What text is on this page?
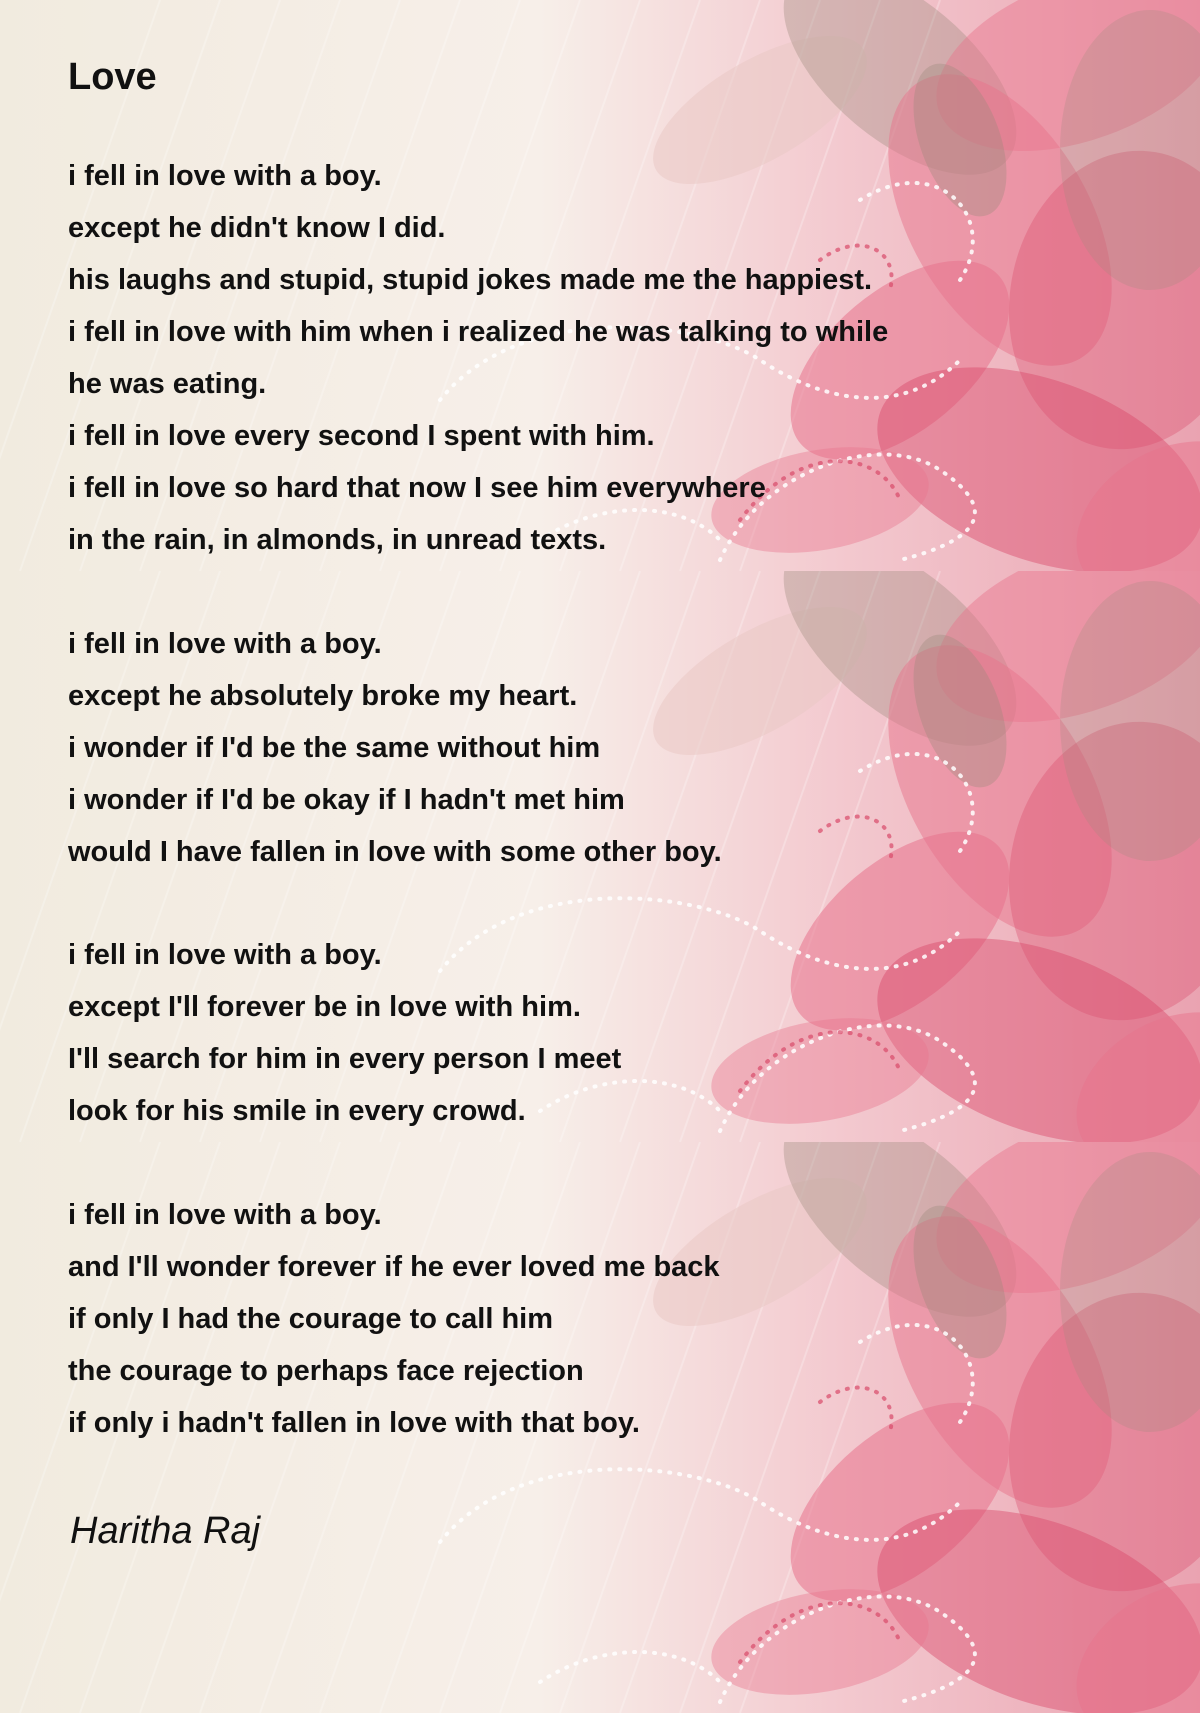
Love
i fell in love with a boy.
except he didn't know I did.
his laughs and stupid, stupid jokes made me the happiest.
i fell in love with him when i realized he was talking to while
he was eating.
i fell in love every second I spent with him.
i fell in love so hard that now I see him everywhere
in the rain, in almonds, in unread texts.
i fell in love with a boy.
except he absolutely broke my heart.
i wonder if I'd be the same without him
i wonder if I'd be okay if I hadn't met him
would I have fallen in love with some other boy.
i fell in love with a boy.
except I'll forever be in love with him.
I'll search for him in every person I meet
look for his smile in every crowd.
i fell in love with a boy.
and I'll wonder forever if he ever loved me back
if only I had the courage to call him
the courage to perhaps face rejection
if only i hadn't fallen in love with that boy.

Haritha Raj
